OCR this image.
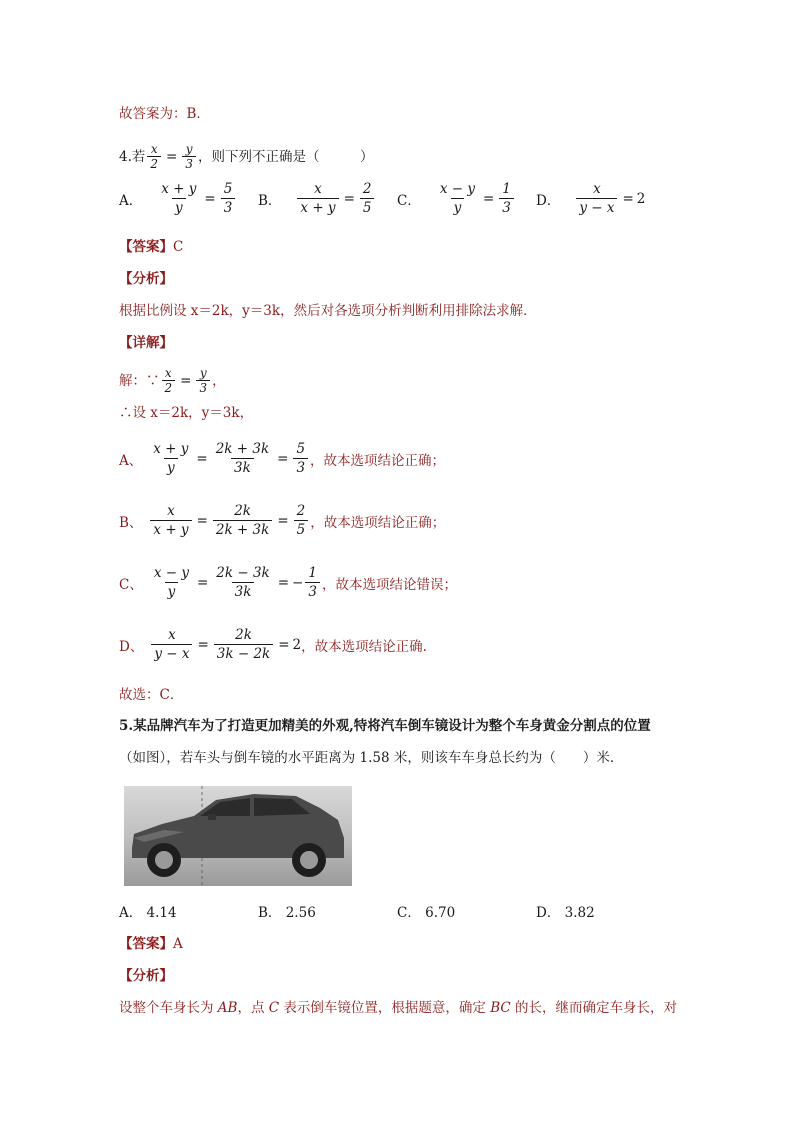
故答案为：B．
4.若 $\frac{x}{2} = \frac{y}{3}$ ，则下列不正确是（　　　）
A． $\frac{x + y}{y} = \frac{5}{3}$ B． $\frac{x}{x + y} = \frac{2}{5}$ C． $\frac{x - y}{y} = \frac{1}{3}$ D． $\frac{x}{y - x} = 2$
【答案】C
【分析】
根据比例设 x＝2k，y＝3k，然后对各选项分析判断利用排除法求解．
【详解】
解：∵ $\frac{x}{2} = \frac{y}{3}$ ，
∴设 x＝2k，y＝3k，
A、 $\frac{x + y}{y} = \frac{2k + 3k}{3k} = \frac{5}{3}$ ，故本选项结论正确；
B、 $\frac{x}{x + y} = \frac{2k}{2k + 3k} = \frac{2}{5}$ ，故本选项结论正确；
C、 $\frac{x - y}{y} = \frac{2k - 3k}{3k}$ = − $\frac{1}{3}$ ，故本选项结论错误；
D、 $\frac{x}{y - x} = \frac{2k}{3k - 2k} = 2$ ，故本选项结论正确.
故选：C．
5.某品牌汽车为了打造更加精美的外观,特将汽车倒车镜设计为整个车身黄金分割点的位置
（如图），若车头与倒车镜的水平距离为 1.58 米，则该车车身总长约为（　　）米．
A． 4.14	B． 2.56	C． 6.70	D． 3.82
【答案】A
【分析】
设整个车身长为 AB，点 C 表示倒车镜位置，根据题意，确定 BC 的长，继而确定车身长，对
